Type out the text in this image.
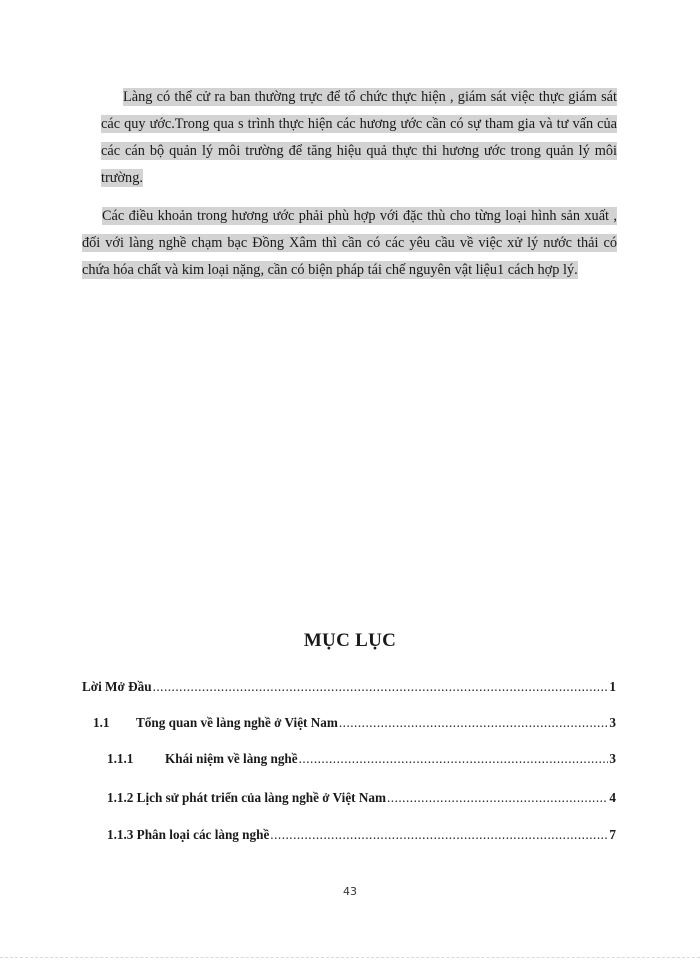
Làng có thể cử ra ban thường trực để tổ chức thực hiện , giám sát việc thực giám sát các quy ước.Trong qua s trình thực hiện các hương ước cần có sự tham gia và tư vấn của các cán bộ quản lý môi trường để tăng hiệu quả thực thi hương ước trong quản lý môi trường.
Các điều khoản trong hương ước phải phù hợp với đặc thù cho từng loại hình sản xuất , đối với làng nghề chạm bạc Đồng Xâm thì cần có các yêu cầu về việc xử lý nước thải có chứa hóa chất và kim loại nặng, cần có biện pháp tái chế nguyên vật liệu1 cách hợp lý.
MỤC LỤC
Lời Mở Đầu .....	1
1.1	Tổng quan về làng nghề ở Việt Nam .....	3
1.1.1	Khái niệm về làng nghề .....	3
1.1.2 Lịch sử phát triển của làng nghề ở Việt Nam .....	4
1.1.3 Phân loại các làng nghề .....	7
43
